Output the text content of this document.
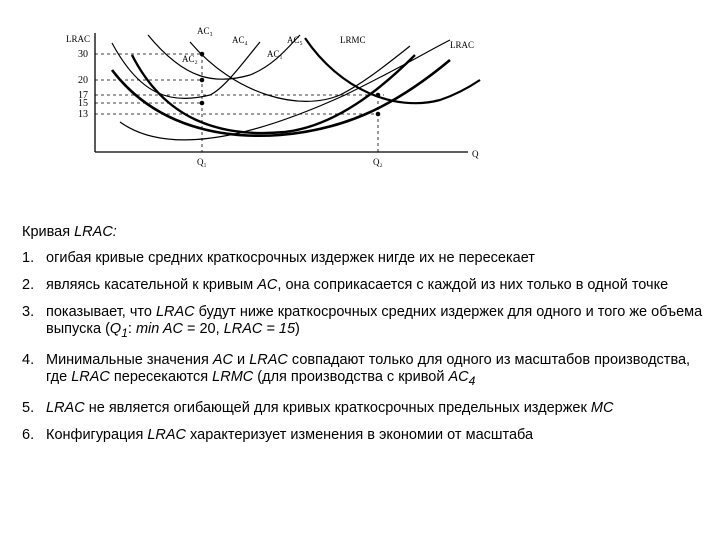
LRAC
Q
30
20
17
15
13
Q₁	Q₂
AC₃
AC₄	AC₅
AC₁
AC₂
LRMC	LRAC
Кривая LRAC:
1. огибая кривые средних краткосрочных издержек нигде их не пересекает
2. являясь касательной к кривым AC, она соприкасается с каждой из них только в одной точке
3. показывает, что LRAC будут ниже краткосрочных средних издержек для одного и того же объема выпуска ($Q_1$: min AC = 20, LRAC = 15)
4. Минимальные значения AC и LRAC совпадают только для одного из масштабов производства, где LRAC пересекаются LRMC (для производства с кривой $AC_4$
5. LRAC не является огибающей для кривых краткосрочных предельных издержек MC
6. Конфигурация LRAC характеризует изменения в экономии от масштаба
